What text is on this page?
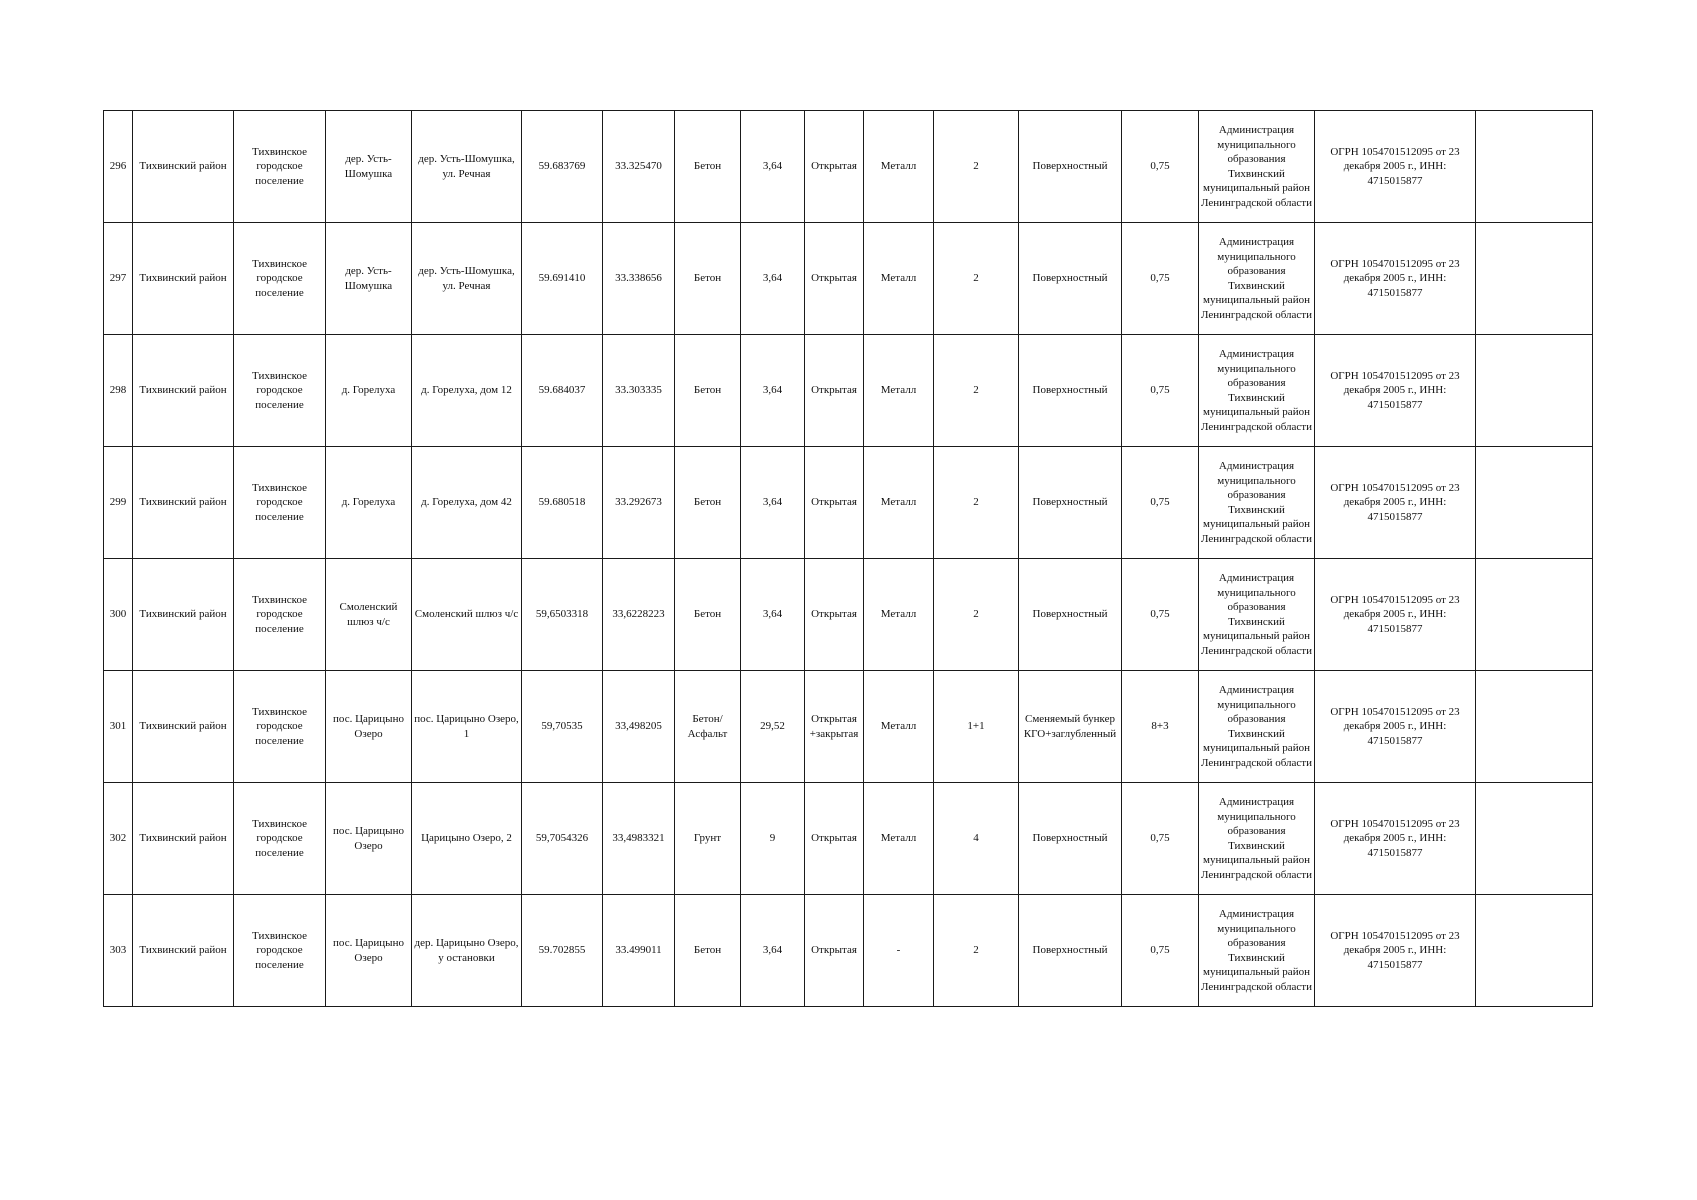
296	Тихвинский район	Тихвинское городское поселение	дер. Усть-Шомушка	дер. Усть-Шомушка, ул. Речная	59.683769	33.325470	Бетон	3,64	Открытая	Металл	2	Поверхностный	0,75	Администрация муниципального образования Тихвинский муниципальный район Ленинградской области	ОГРН 1054701512095 от 23 декабря 2005 г., ИНН: 4715015877	
297	Тихвинский район	Тихвинское городское поселение	дер. Усть-Шомушка	дер. Усть-Шомушка, ул. Речная	59.691410	33.338656	Бетон	3,64	Открытая	Металл	2	Поверхностный	0,75	Администрация муниципального образования Тихвинский муниципальный район Ленинградской области	ОГРН 1054701512095 от 23 декабря 2005 г., ИНН: 4715015877	
298	Тихвинский район	Тихвинское городское поселение	д. Горелуха	д. Горелуха, дом 12	59.684037	33.303335	Бетон	3,64	Открытая	Металл	2	Поверхностный	0,75	Администрация муниципального образования Тихвинский муниципальный район Ленинградской области	ОГРН 1054701512095 от 23 декабря 2005 г., ИНН: 4715015877	
299	Тихвинский район	Тихвинское городское поселение	д. Горелуха	д. Горелуха, дом 42	59.680518	33.292673	Бетон	3,64	Открытая	Металл	2	Поверхностный	0,75	Администрация муниципального образования Тихвинский муниципальный район Ленинградской области	ОГРН 1054701512095 от 23 декабря 2005 г., ИНН: 4715015877	
300	Тихвинский район	Тихвинское городское поселение	Смоленский шлюз ч/с	Смоленский шлюз ч/с	59,6503318	33,6228223	Бетон	3,64	Открытая	Металл	2	Поверхностный	0,75	Администрация муниципального образования Тихвинский муниципальный район Ленинградской области	ОГРН 1054701512095 от 23 декабря 2005 г., ИНН: 4715015877	
301	Тихвинский район	Тихвинское городское поселение	пос. Царицыно Озеро	пос. Царицыно Озеро, 1	59,70535	33,498205	Бетон/Асфальт	29,52	Открытая +закрытая	Металл	1+1	Сменяемый бункер КГО+заглубленный	8+3	Администрация муниципального образования Тихвинский муниципальный район Ленинградской области	ОГРН 1054701512095 от 23 декабря 2005 г., ИНН: 4715015877	
302	Тихвинский район	Тихвинское городское поселение	пос. Царицыно Озеро	Царицыно Озеро, 2	59,7054326	33,4983321	Грунт	9	Открытая	Металл	4	Поверхностный	0,75	Администрация муниципального образования Тихвинский муниципальный район Ленинградской области	ОГРН 1054701512095 от 23 декабря 2005 г., ИНН: 4715015877	
303	Тихвинский район	Тихвинское городское поселение	пос. Царицыно Озеро	дер. Царицыно Озеро, у остановки	59.702855	33.499011	Бетон	3,64	Открытая	-	2	Поверхностный	0,75	Администрация муниципального образования Тихвинский муниципальный район Ленинградской области	ОГРН 1054701512095 от 23 декабря 2005 г., ИНН: 4715015877	
